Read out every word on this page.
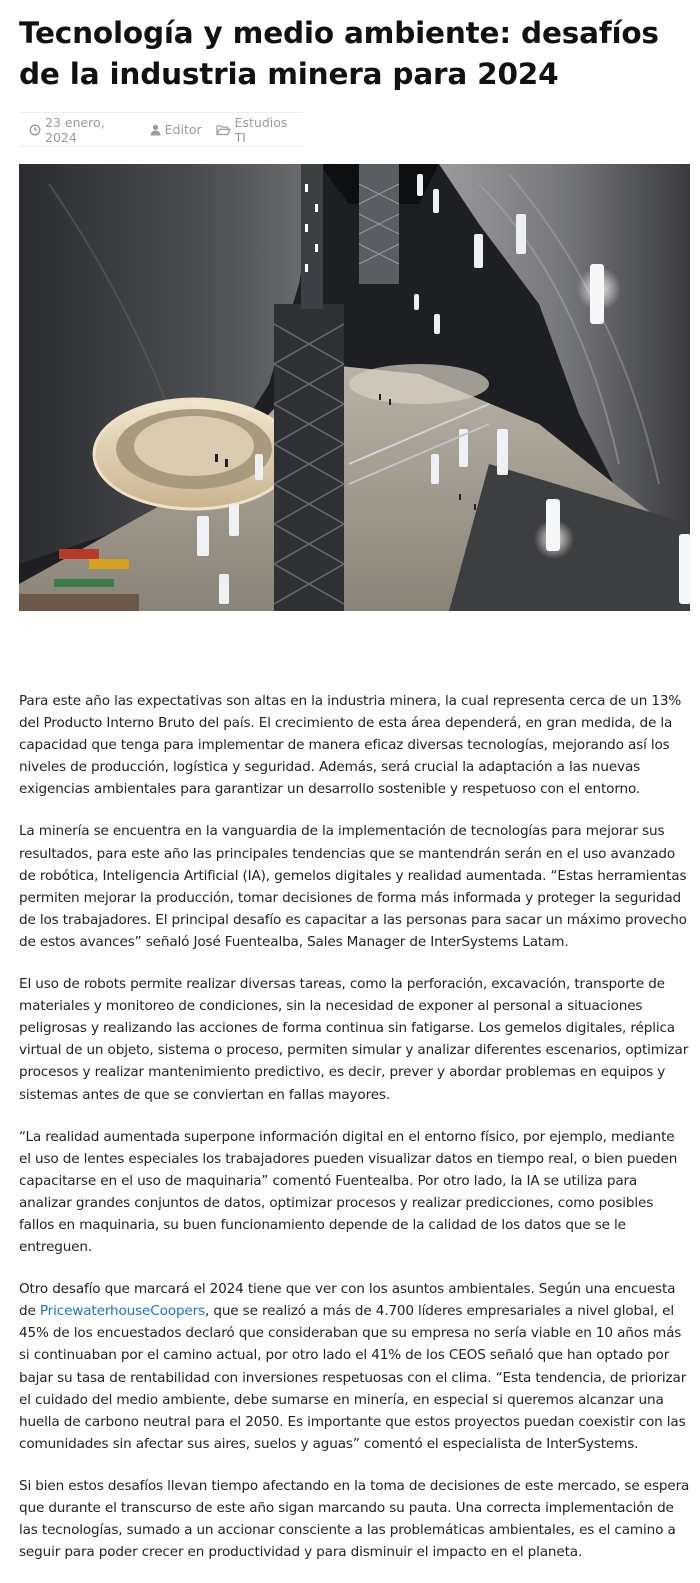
Tecnología y medio ambiente: desafíos de la industria minera para 2024
23 enero, 2024	Editor	Estudios TI

Para este año las expectativas son altas en la industria minera, la cual representa cerca de un 13% del Producto Interno Bruto del país. El crecimiento de esta área dependerá, en gran medida, de la capacidad que tenga para implementar de manera eficaz diversas tecnologías, mejorando así los niveles de producción, logística y seguridad. Además, será crucial la adaptación a las nuevas exigencias ambientales para garantizar un desarrollo sostenible y respetuoso con el entorno.

La minería se encuentra en la vanguardia de la implementación de tecnologías para mejorar sus resultados, para este año las principales tendencias que se mantendrán serán en el uso avanzado de robótica, Inteligencia Artificial (IA), gemelos digitales y realidad aumentada. “Estas herramientas permiten mejorar la producción, tomar decisiones de forma más informada y proteger la seguridad de los trabajadores. El principal desafío es capacitar a las personas para sacar un máximo provecho de estos avances” señaló José Fuentealba, Sales Manager de InterSystems Latam.

El uso de robots permite realizar diversas tareas, como la perforación, excavación, transporte de materiales y monitoreo de condiciones, sin la necesidad de exponer al personal a situaciones peligrosas y realizando las acciones de forma continua sin fatigarse. Los gemelos digitales, réplica virtual de un objeto, sistema o proceso, permiten simular y analizar diferentes escenarios, optimizar procesos y realizar mantenimiento predictivo, es decir, prever y abordar problemas en equipos y sistemas antes de que se conviertan en fallas mayores.

“La realidad aumentada superpone información digital en el entorno físico, por ejemplo, mediante el uso de lentes especiales los trabajadores pueden visualizar datos en tiempo real, o bien pueden capacitarse en el uso de maquinaria” comentó Fuentealba. Por otro lado, la IA se utiliza para analizar grandes conjuntos de datos, optimizar procesos y realizar predicciones, como posibles fallos en maquinaria, su buen funcionamiento depende de la calidad de los datos que se le entreguen.

Otro desafío que marcará el 2024 tiene que ver con los asuntos ambientales. Según una encuesta de PricewaterhouseCoopers, que se realizó a más de 4.700 líderes empresariales a nivel global, el 45% de los encuestados declaró que consideraban que su empresa no sería viable en 10 años más si continuaban por el camino actual, por otro lado el 41% de los CEOS señaló que han optado por bajar su tasa de rentabilidad con inversiones respetuosas con el clima. “Esta tendencia, de priorizar el cuidado del medio ambiente, debe sumarse en minería, en especial si queremos alcanzar una huella de carbono neutral para el 2050. Es importante que estos proyectos puedan coexistir con las comunidades sin afectar sus aires, suelos y aguas” comentó el especialista de InterSystems.

Si bien estos desafíos llevan tiempo afectando en la toma de decisiones de este mercado, se espera que durante el transcurso de este año sigan marcando su pauta. Una correcta implementación de las tecnologías, sumado a un accionar consciente a las problemáticas ambientales, es el camino a seguir para poder crecer en productividad y para disminuir el impacto en el planeta.
